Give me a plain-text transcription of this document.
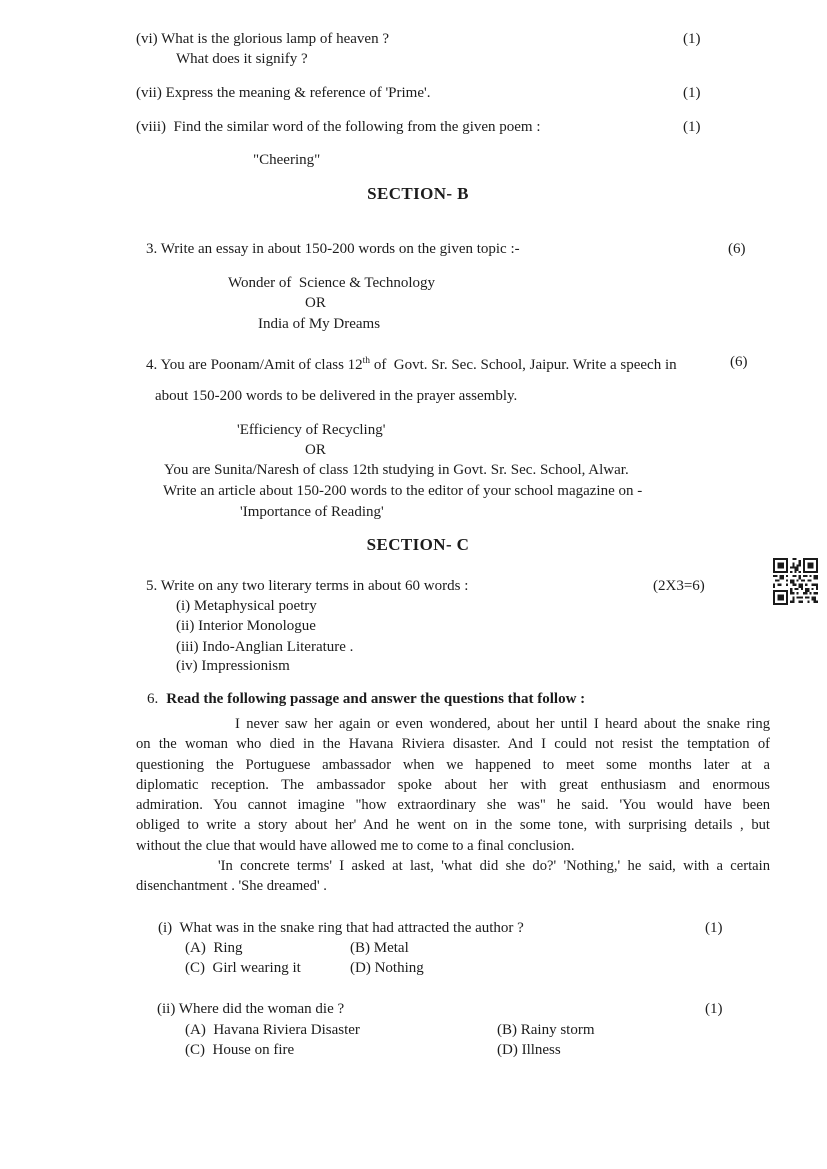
(vi) What is the glorious lamp of heaven ?	(1)
What does it signify ?
(vii) Express the meaning & reference of 'Prime'.	(1)
(viii)  Find the similar word of the following from the given poem :	(1)
"Cheering"
SECTION- B
3. Write an essay in about 150-200 words on the given topic :-	(6)
Wonder of  Science & Technology
OR
India of My Dreams
4. You are Poonam/Amit of class 12th of  Govt. Sr. Sec. School, Jaipur. Write a speech in	(6)
about 150-200 words to be delivered in the prayer assembly.
'Efficiency of Recycling'
OR
You are Sunita/Naresh of class 12th studying in Govt. Sr. Sec. School, Alwar.
Write an article about 150-200 words to the editor of your school magazine on -
'Importance of Reading'
SECTION- C
5. Write on any two literary terms in about 60 words :	(2X3=6)
(i) Metaphysical poetry
(ii) Interior Monologue
(iii) Indo-Anglian Literature .
(iv) Impressionism
6. Read the following passage and answer the questions that follow :
I never saw her again or even wondered, about her until I heard about the snake ring
on the woman who died in the Havana Riviera disaster. And I could not resist the temptation of
questioning the Portuguese ambassador when we happened to meet some months later at a
diplomatic reception. The ambassador spoke about her with great enthusiasm and enormous
admiration. You cannot imagine "how extraordinary she was" he said. 'You would have been
obliged to write a story about her' And he went on in the some tone, with surprising details , but
without the clue that would have allowed me to come to a final conclusion.
'In concrete terms' I asked at last, 'what did she do?' 'Nothing,' he said, with a certain
disenchantment . 'She dreamed' .
(i)  What was in the snake ring that had attracted the author ?	(1)
(A)  Ring	(B) Metal
(C)  Girl wearing it	(D) Nothing
(ii) Where did the woman die ?	(1)
(A)  Havana Riviera Disaster	(B) Rainy storm
(C)  House on fire	(D) Illness
